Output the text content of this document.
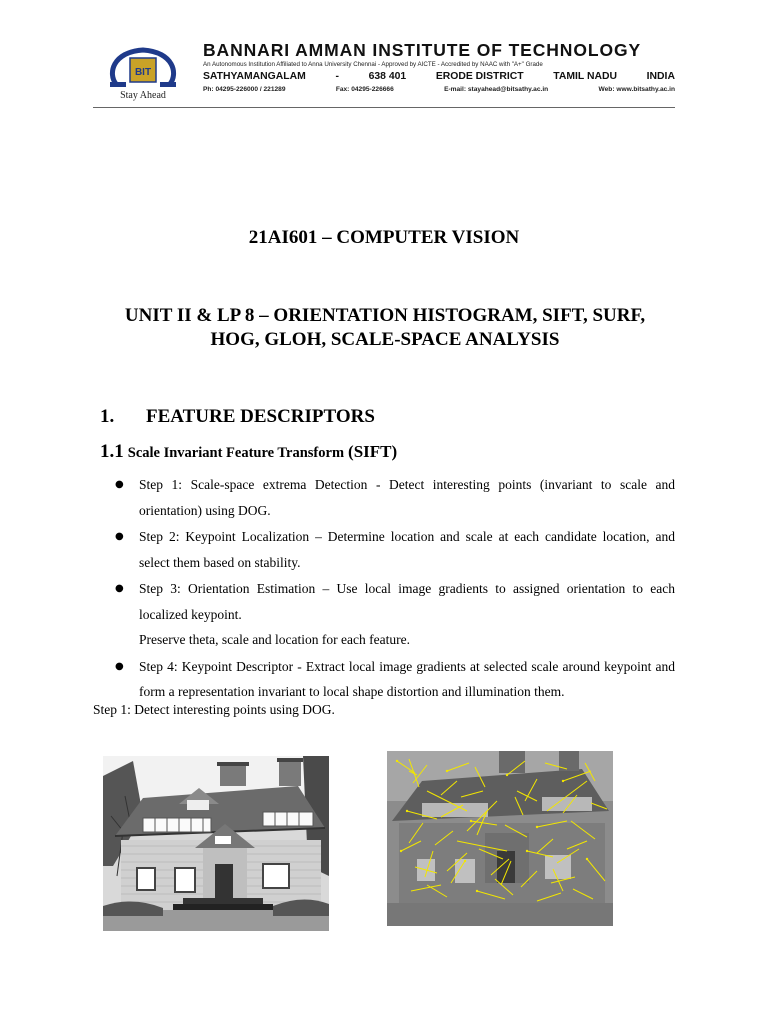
BIT
Stay Ahead
BANNARI AMMAN INSTITUTE OF TECHNOLOGY
An Autonomous Institution Affiliated to Anna University Chennai - Approved by AICTE - Accredited by NAAC with "A+" Grade
SATHYAMANGALAM	-	638 401	ERODE DISTRICT	TAMIL NADU	INDIA
Ph: 04295-226000 / 221289	Fax: 04295-226666	E-mail: stayahead@bitsathy.ac.in	Web: www.bitsathy.ac.in
21AI601 – COMPUTER VISION
UNIT II & LP 8 – ORIENTATION HISTOGRAM, SIFT, SURF,
HOG, GLOH, SCALE-SPACE ANALYSIS
1. FEATURE DESCRIPTORS
1.1 Scale Invariant Feature Transform (SIFT)
● Step 1: Scale-space extrema Detection - Detect interesting points (invariant to scale and orientation) using DOG.
● Step 2: Keypoint Localization – Determine location and scale at each candidate location, and select them based on stability.
● Step 3: Orientation Estimation – Use local image gradients to assigned orientation to each localized keypoint.
Preserve theta, scale and location for each feature.
● Step 4: Keypoint Descriptor - Extract local image gradients at selected scale around keypoint and form a representation invariant to local shape distortion and illumination them.
Step 1: Detect interesting points using DOG.
